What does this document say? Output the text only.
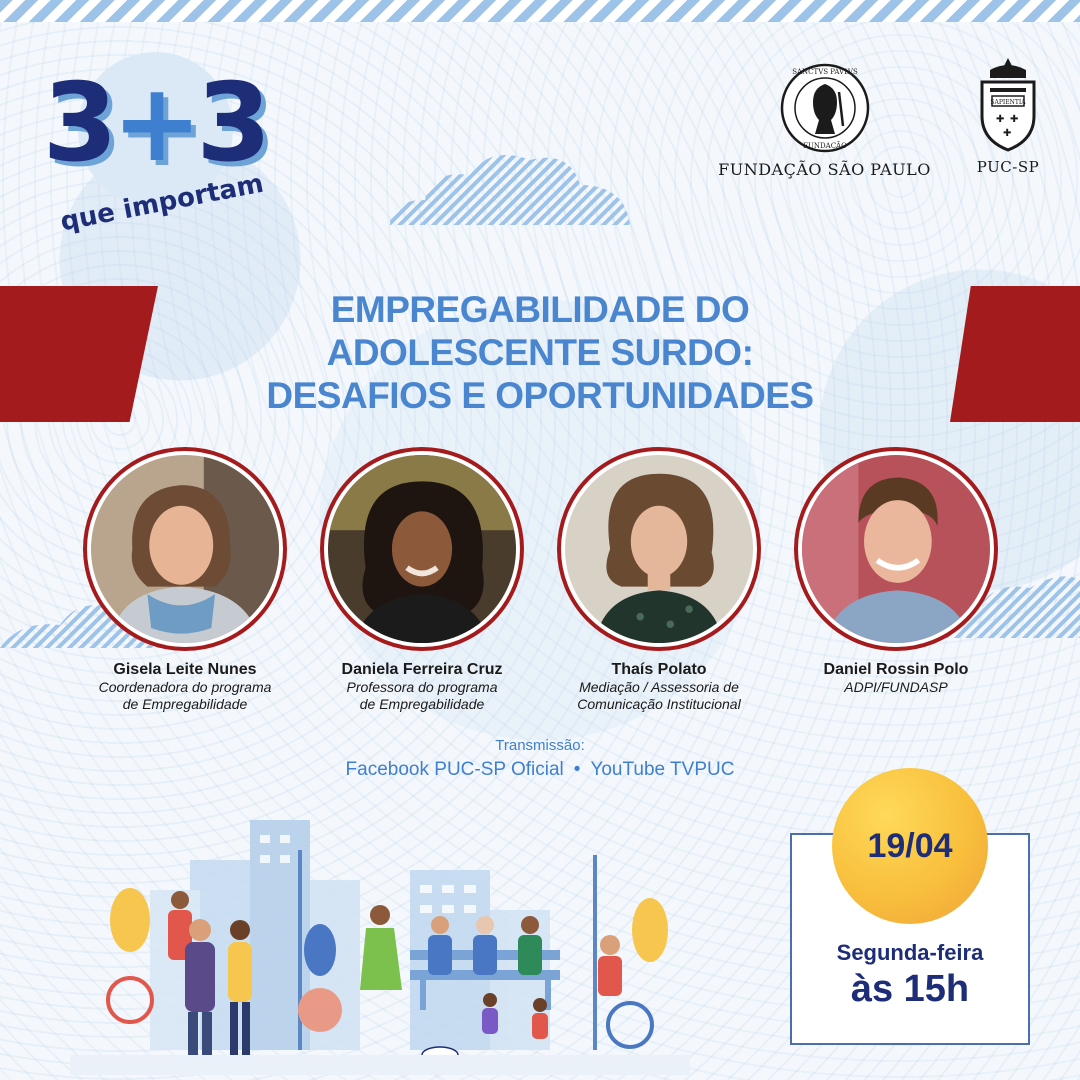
3+3
que importam
SANCTVS PAVLVS
FUNDAÇÃO
FUNDAÇÃO SÃO PAULO
SAPIENTIA
✚ ✚
✚
PUC-SP
EMPREGABILIDADE DO
ADOLESCENTE SURDO:
DESAFIOS E OPORTUNIDADES
Gisela Leite Nunes
Coordenadora do programa
de Empregabilidade
Daniela Ferreira Cruz
Professora do programa
de Empregabilidade
Thaís Polato
Mediação / Assessoria de
Comunicação Institucional
Daniel Rossin Polo
ADPI/FUNDASP
Transmissão:
Facebook PUC-SP Oficial • YouTube TVPUC
19/04
Segunda-feira
às 15h
